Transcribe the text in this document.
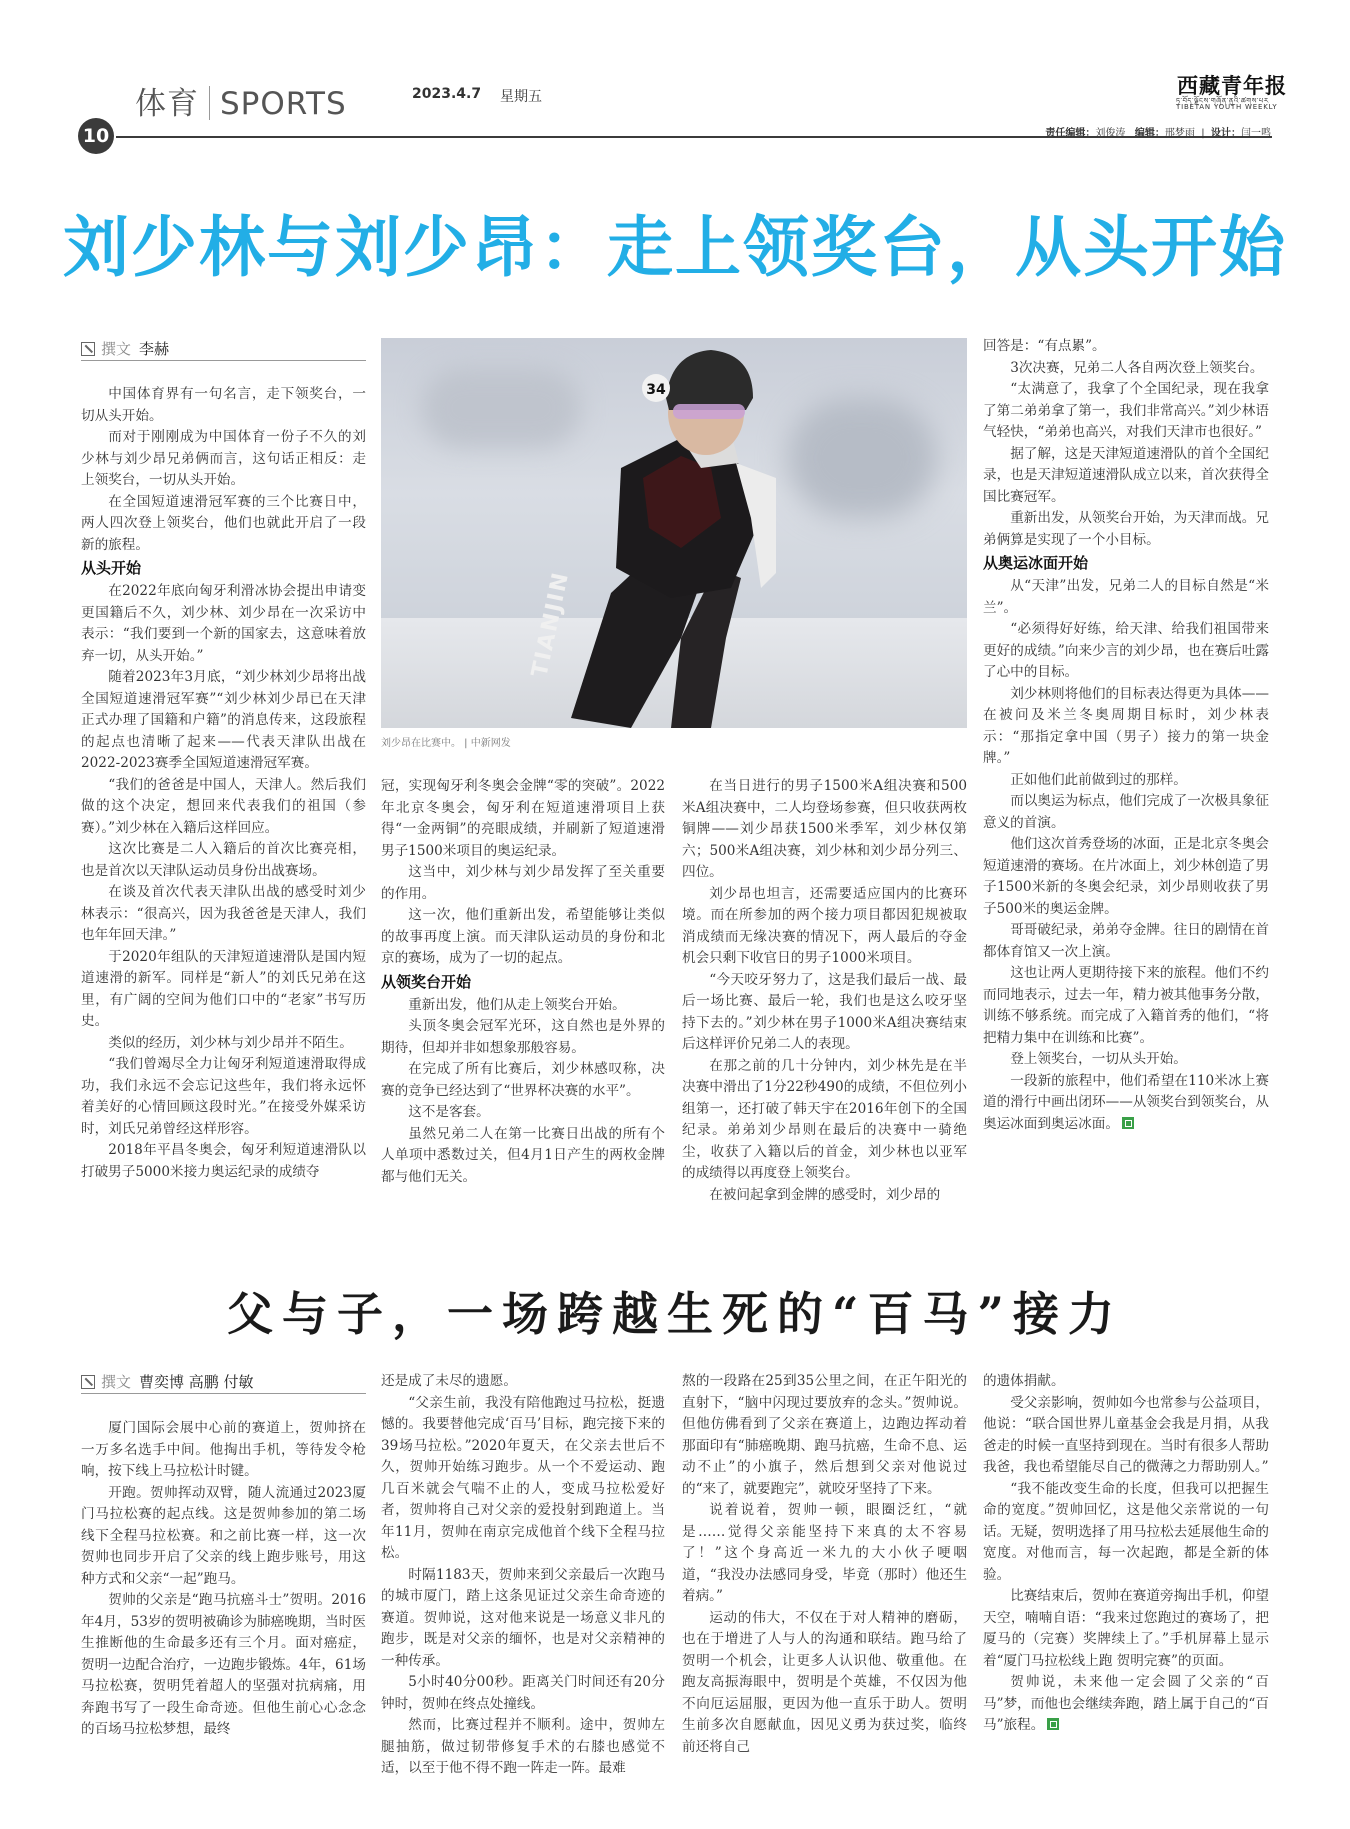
体育 SPORTS	2023.4.7 星期五
10
西藏青年报
ཏ་བོད་ལྗོངས་གཞོན་ནུའི་ཚགས་པར
TIBETAN YOUTH WEEKLY
责任编辑：刘俊涛 编辑：邢梦雨  |  设计：闫一鸣
刘少林与刘少昂：走上领奖台，从头开始
撰文 李赫

中国体育界有一句名言，走下领奖台，一切从头开始。

而对于刚刚成为中国体育一份子不久的刘少林与刘少昂兄弟俩而言，这句话正相反：走上领奖台，一切从头开始。

在全国短道速滑冠军赛的三个比赛日中，两人四次登上领奖台，他们也就此开启了一段新的旅程。

从头开始

在2022年底向匈牙利滑冰协会提出申请变更国籍后不久，刘少林、刘少昂在一次采访中表示：“我们要到一个新的国家去，这意味着放弃一切，从头开始。”

随着2023年3月底，“刘少林刘少昂将出战全国短道速滑冠军赛”“刘少林刘少昂已在天津正式办理了国籍和户籍”的消息传来，这段旅程的起点也清晰了起来——代表天津队出战在2022-2023赛季全国短道速滑冠军赛。

“我们的爸爸是中国人，天津人。然后我们做的这个决定，想回来代表我们的祖国（参赛）。”刘少林在入籍后这样回应。

这次比赛是二人入籍后的首次比赛亮相，也是首次以天津队运动员身份出战赛场。

在谈及首次代表天津队出战的感受时刘少林表示：“很高兴，因为我爸爸是天津人，我们也年年回天津。”

于2020年组队的天津短道速滑队是国内短道速滑的新军。同样是“新人”的刘氏兄弟在这里，有广阔的空间为他们口中的“老家”书写历史。

类似的经历，刘少林与刘少昂并不陌生。

“我们曾竭尽全力让匈牙利短道速滑取得成功，我们永远不会忘记这些年，我们将永远怀着美好的心情回顾这段时光。”在接受外媒采访时，刘氏兄弟曾经这样形容。

2018年平昌冬奥会，匈牙利短道速滑队以打破男子5000米接力奥运纪录的成绩夺

冠，实现匈牙利冬奥会金牌“零的突破”。2022年北京冬奥会，匈牙利在短道速滑项目上获得“一金两铜”的亮眼成绩，并刷新了短道速滑男子1500米项目的奥运纪录。

这当中，刘少林与刘少昂发挥了至关重要的作用。

这一次，他们重新出发，希望能够让类似的故事再度上演。而天津队运动员的身份和北京的赛场，成为了一切的起点。

从领奖台开始

重新出发，他们从走上领奖台开始。

头顶冬奥会冠军光环，这自然也是外界的期待，但却并非如想象那般容易。

在完成了所有比赛后，刘少林感叹称，决赛的竞争已经达到了“世界杯决赛的水平”。

这不是客套。

虽然兄弟二人在第一比赛日出战的所有个人单项中悉数过关，但4月1日产生的两枚金牌都与他们无关。

在当日进行的男子1500米A组决赛和500米A组决赛中，二人均登场参赛，但只收获两枚铜牌——刘少昂获1500米季军，刘少林仅第六；500米A组决赛，刘少林和刘少昂分列三、四位。

刘少昂也坦言，还需要适应国内的比赛环境。而在所参加的两个接力项目都因犯规被取消成绩而无缘决赛的情况下，两人最后的夺金机会只剩下收官日的男子1000米项目。

“今天咬牙努力了，这是我们最后一战、最后一场比赛、最后一轮，我们也是这么咬牙坚持下去的。”刘少林在男子1000米A组决赛结束后这样评价兄弟二人的表现。

在那之前的几十分钟内，刘少林先是在半决赛中滑出了1分22秒490的成绩，不但位列小组第一，还打破了韩天宇在2016年创下的全国纪录。弟弟刘少昂则在最后的决赛中一骑绝尘，收获了入籍以后的首金，刘少林也以亚军的成绩得以再度登上领奖台。

在被问起拿到金牌的感受时，刘少昂的

回答是：“有点累”。

3次决赛，兄弟二人各自两次登上领奖台。

“太满意了，我拿了个全国纪录，现在我拿了第二弟弟拿了第一，我们非常高兴。”刘少林语气轻快，“弟弟也高兴，对我们天津市也很好。”

据了解，这是天津短道速滑队的首个全国纪录，也是天津短道速滑队成立以来，首次获得全国比赛冠军。

重新出发，从领奖台开始，为天津而战。兄弟俩算是实现了一个小目标。

从奥运冰面开始

从“天津”出发，兄弟二人的目标自然是“米兰”。

“必须得好好练，给天津、给我们祖国带来更好的成绩。”向来少言的刘少昂，也在赛后吐露了心中的目标。

刘少林则将他们的目标表达得更为具体——在被问及米兰冬奥周期目标时，刘少林表示：“那指定拿中国（男子）接力的第一块金牌。”

正如他们此前做到过的那样。

而以奥运为标点，他们完成了一次极具象征意义的首演。

他们这次首秀登场的冰面，正是北京冬奥会短道速滑的赛场。在片冰面上，刘少林创造了男子1500米新的冬奥会纪录，刘少昂则收获了男子500米的奥运金牌。

哥哥破纪录，弟弟夺金牌。往日的剧情在首都体育馆又一次上演。

这也让两人更期待接下来的旅程。他们不约而同地表示，过去一年，精力被其他事务分散，训练不够系统。而完成了入籍首秀的他们，“将把精力集中在训练和比赛”。

登上领奖台，一切从头开始。

一段新的旅程中，他们希望在110米冰上赛道的滑行中画出闭环——从领奖台到领奖台，从奥运冰面到奥运冰面。

34
TIANJIN
刘少昂在比赛中。 | 中新网发
父与子，一场跨越生死的“百马”接力
撰文 曹奕博 高鹏 付敏

厦门国际会展中心前的赛道上，贺帅挤在一万多名选手中间。他掏出手机，等待发令枪响，按下线上马拉松计时键。

开跑。贺帅挥动双臂，随人流通过2023厦门马拉松赛的起点线。这是贺帅参加的第二场线下全程马拉松赛。和之前比赛一样，这一次贺帅也同步开启了父亲的线上跑步账号，用这种方式和父亲“一起”跑马。

贺帅的父亲是“跑马抗癌斗士”贺明。2016年4月，53岁的贺明被确诊为肺癌晚期，当时医生推断他的生命最多还有三个月。面对癌症，贺明一边配合治疗，一边跑步锻炼。4年，61场马拉松赛，贺明凭着超人的坚强对抗病痛，用奔跑书写了一段生命奇迹。但他生前心心念念的百场马拉松梦想，最终

还是成了未尽的遗愿。

“父亲生前，我没有陪他跑过马拉松，挺遗憾的。我要替他完成‘百马’目标，跑完接下来的39场马拉松。”2020年夏天，在父亲去世后不久，贺帅开始练习跑步。从一个不爱运动、跑几百米就会气喘不止的人，变成马拉松爱好者，贺帅将自己对父亲的爱投射到跑道上。当年11月，贺帅在南京完成他首个线下全程马拉松。

时隔1183天，贺帅来到父亲最后一次跑马的城市厦门，踏上这条见证过父亲生命奇迹的赛道。贺帅说，这对他来说是一场意义非凡的跑步，既是对父亲的缅怀，也是对父亲精神的一种传承。

5小时40分00秒。距离关门时间还有20分钟时，贺帅在终点处撞线。

然而，比赛过程并不顺利。途中，贺帅左腿抽筋，做过韧带修复手术的右膝也感觉不适，以至于他不得不跑一阵走一阵。最难

熬的一段路在25到35公里之间，在正午阳光的直射下，“脑中闪现过要放弃的念头。”贺帅说。但他仿佛看到了父亲在赛道上，边跑边挥动着那面印有“肺癌晚期、跑马抗癌，生命不息、运动不止”的小旗子，然后想到父亲对他说过的“来了，就要跑完”，就咬牙坚持了下来。

说着说着，贺帅一顿，眼圈泛红，“就是……觉得父亲能坚持下来真的太不容易了！”这个身高近一米九的大小伙子哽咽道，“我没办法感同身受，毕竟（那时）他还生着病。”

运动的伟大，不仅在于对人精神的磨砺，也在于增进了人与人的沟通和联结。跑马给了贺明一个机会，让更多人认识他、敬重他。在跑友高振海眼中，贺明是个英雄，不仅因为他不向厄运屈服，更因为他一直乐于助人。贺明生前多次自愿献血，因见义勇为获过奖，临终前还将自己

的遗体捐献。

受父亲影响，贺帅如今也常参与公益项目，他说：“联合国世界儿童基金会我是月捐，从我爸走的时候一直坚持到现在。当时有很多人帮助我爸，我也希望能尽自己的微薄之力帮助别人。”

“我不能改变生命的长度，但我可以把握生命的宽度。”贺帅回忆，这是他父亲常说的一句话。无疑，贺明选择了用马拉松去延展他生命的宽度。对他而言，每一次起跑，都是全新的体验。

比赛结束后，贺帅在赛道旁掏出手机，仰望天空，喃喃自语：“我来过您跑过的赛场了，把厦马的（完赛）奖牌续上了。”手机屏幕上显示着“厦门马拉松线上跑 贺明完赛”的页面。

贺帅说，未来他一定会圆了父亲的“百马”梦，而他也会继续奔跑，踏上属于自己的“百马”旅程。
